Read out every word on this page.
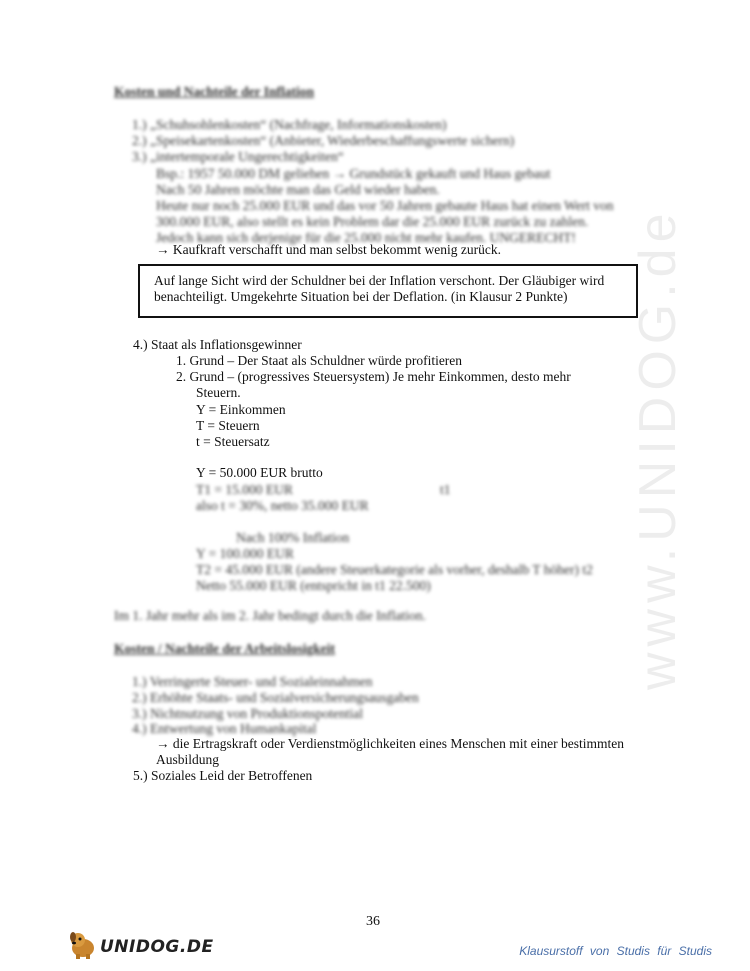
www.UNIDOG.de
Kosten und Nachteile der Inflation
1.) „Schuhsohlenkosten“ (Nachfrage, Informationskosten)
2.) „Speisekartenkosten“ (Anbieter, Wiederbeschaffungswerte sichern)
3.) „intertemporale Ungerechtigkeiten“
Bsp.: 1957 50.000 DM geliehen → Grundstück gekauft und Haus gebaut
Nach 50 Jahren möchte man das Geld wieder haben.
Heute nur noch 25.000 EUR und das vor 50 Jahren gebaute Haus hat einen Wert von
300.000 EUR, also stellt es kein Problem dar die 25.000 EUR zurück zu zahlen.
Jedoch kann sich derjenige für die 25.000 nicht mehr kaufen. UNGERECHT!
→ Kaufkraft verschafft und man selbst bekommt wenig zurück.
Auf lange Sicht wird der Schuldner bei der Inflation verschont. Der Gläubiger wird
benachteiligt. Umgekehrte Situation bei der Deflation. (in Klausur 2 Punkte)
4.) Staat als Inflationsgewinner
1. Grund – Der Staat als Schuldner würde profitieren
2. Grund – (progressives Steuersystem) Je mehr Einkommen, desto mehr
Steuern.
Y = Einkommen
T = Steuern
t = Steuersatz
Y = 50.000 EUR brutto
T1 = 15.000 EUR	t1
also t = 30%, netto 35.000 EUR
Nach 100% Inflation
Y = 100.000 EUR
T2 = 45.000 EUR (andere Steuerkategorie als vorher, deshalb T höher) t2
Netto 55.000 EUR (entspricht in t1 22.500)
Im 1. Jahr mehr als im 2. Jahr bedingt durch die Inflation.
Kosten / Nachteile der Arbeitslosigkeit
1.) Verringerte Steuer- und Sozialeinnahmen
2.) Erhöhte Staats- und Sozialversicherungsausgaben
3.) Nichtnutzung von Produktionspotential
4.) Entwertung von Humankapital
→ die Ertragskraft oder Verdienstmöglichkeiten eines Menschen mit einer bestimmten
Ausbildung
5.) Soziales Leid der Betroffenen
36
UNIDOG.DE	Klausurstoff von Studis für Studis
